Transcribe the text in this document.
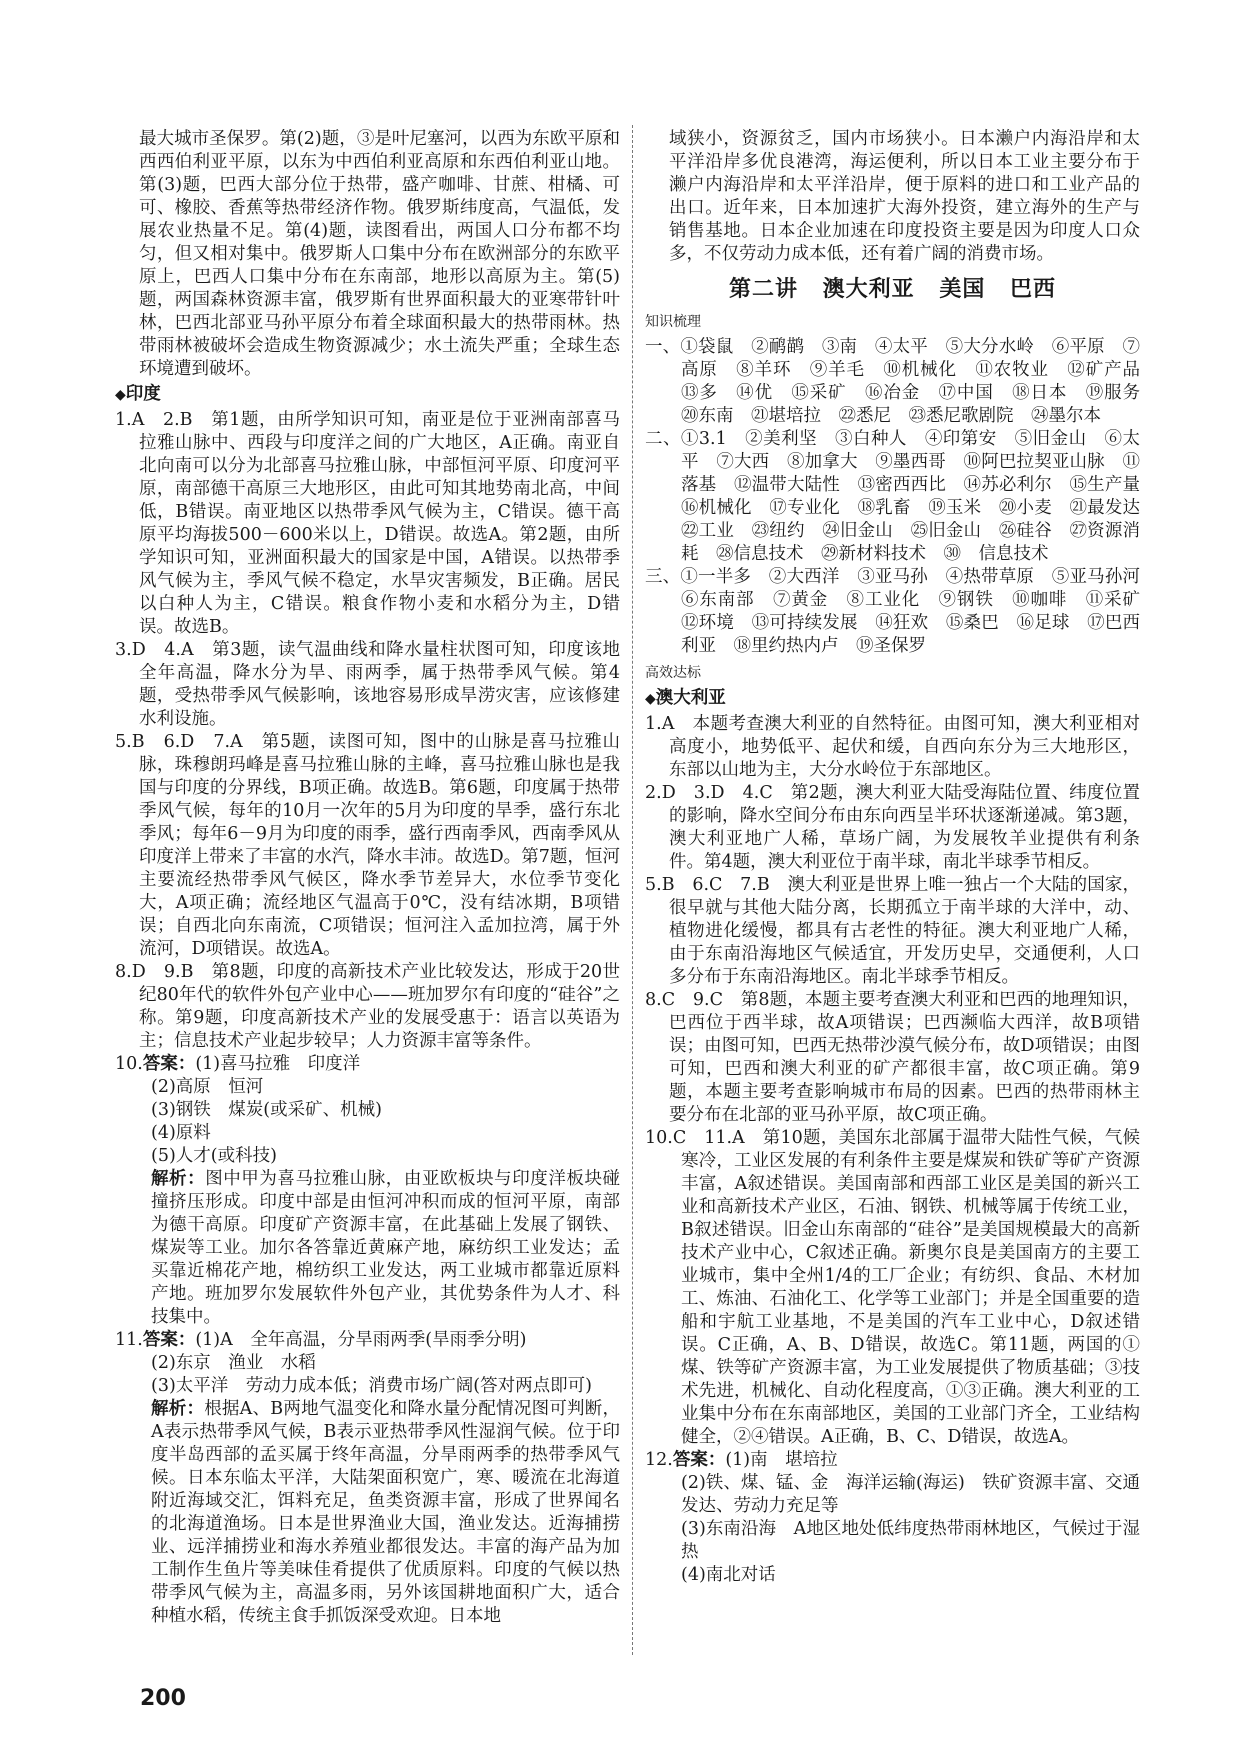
最大城市圣保罗。第(2)题，③是叶尼塞河，以西为东欧平原和西西伯利亚平原，以东为中西伯利亚高原和东西伯利亚山地。第(3)题，巴西大部分位于热带，盛产咖啡、甘蔗、柑橘、可可、橡胶、香蕉等热带经济作物。俄罗斯纬度高，气温低，发展农业热量不足。第(4)题，读图看出，两国人口分布都不均匀，但又相对集中。俄罗斯人口集中分布在欧洲部分的东欧平原上，巴西人口集中分布在东南部，地形以高原为主。第(5)题，两国森林资源丰富，俄罗斯有世界面积最大的亚寒带针叶林，巴西北部亚马孙平原分布着全球面积最大的热带雨林。热带雨林被破坏会造成生物资源减少；水土流失严重；全球生态环境遭到破坏。

◆印度

1.A　2.B　第1题，由所学知识可知，南亚是位于亚洲南部喜马拉雅山脉中、西段与印度洋之间的广大地区，A正确。南亚自北向南可以分为北部喜马拉雅山脉，中部恒河平原、印度河平原，南部德干高原三大地形区，由此可知其地势南北高，中间低，B错误。南亚地区以热带季风气候为主，C错误。德干高原平均海拔500－600米以上，D错误。故选A。第2题，由所学知识可知，亚洲面积最大的国家是中国，A错误。以热带季风气候为主，季风气候不稳定，水旱灾害频发，B正确。居民以白种人为主，C错误。粮食作物小麦和水稻分为主，D错误。故选B。

3.D　4.A　第3题，读气温曲线和降水量柱状图可知，印度该地全年高温，降水分为旱、雨两季，属于热带季风气候。第4题，受热带季风气候影响，该地容易形成旱涝灾害，应该修建水利设施。

5.B　6.D　7.A　第5题，读图可知，图中的山脉是喜马拉雅山脉，珠穆朗玛峰是喜马拉雅山脉的主峰，喜马拉雅山脉也是我国与印度的分界线，B项正确。故选B。第6题，印度属于热带季风气候，每年的10月一次年的5月为印度的旱季，盛行东北季风；每年6－9月为印度的雨季，盛行西南季风，西南季风从印度洋上带来了丰富的水汽，降水丰沛。故选D。第7题，恒河主要流经热带季风气候区，降水季节差异大，水位季节变化大，A项正确；流经地区气温高于0℃，没有结冰期，B项错误；自西北向东南流，C项错误；恒河注入孟加拉湾，属于外流河，D项错误。故选A。

8.D　9.B　第8题，印度的高新技术产业比较发达，形成于20世纪80年代的软件外包产业中心——班加罗尔有印度的“硅谷”之称。第9题，印度高新技术产业的发展受惠于：语言以英语为主；信息技术产业起步较早；人力资源丰富等条件。

10.答案：(1)喜马拉雅　印度洋

(2)高原　恒河

(3)钢铁　煤炭(或采矿、机械)

(4)原料

(5)人才(或科技)

解析：图中甲为喜马拉雅山脉，由亚欧板块与印度洋板块碰撞挤压形成。印度中部是由恒河冲积而成的恒河平原，南部为德干高原。印度矿产资源丰富，在此基础上发展了钢铁、煤炭等工业。加尔各答靠近黄麻产地，麻纺织工业发达；孟买靠近棉花产地，棉纺织工业发达，两工业城市都靠近原料产地。班加罗尔发展软件外包产业，其优势条件为人才、科技集中。

11.答案：(1)A　全年高温，分旱雨两季(旱雨季分明)

(2)东京　渔业　水稻

(3)太平洋　劳动力成本低；消费市场广阔(答对两点即可)

解析：根据A、B两地气温变化和降水量分配情况图可判断，A表示热带季风气候，B表示亚热带季风性湿润气候。位于印度半岛西部的孟买属于终年高温，分旱雨两季的热带季风气候。日本东临太平洋，大陆架面积宽广，寒、暖流在北海道附近海域交汇，饵料充足，鱼类资源丰富，形成了世界闻名的北海道渔场。日本是世界渔业大国，渔业发达。近海捕捞业、远洋捕捞业和海水养殖业都很发达。丰富的海产品为加工制作生鱼片等美味佳肴提供了优质原料。印度的气候以热带季风气候为主，高温多雨，另外该国耕地面积广大，适合种植水稻，传统主食手抓饭深受欢迎。日本地

域狭小，资源贫乏，国内市场狭小。日本濑户内海沿岸和太平洋沿岸多优良港湾，海运便利，所以日本工业主要分布于濑户内海沿岸和太平洋沿岸，便于原料的进口和工业产品的出口。近年来，日本加速扩大海外投资，建立海外的生产与销售基地。日本企业加速在印度投资主要是因为印度人口众多，不仅劳动力成本低，还有着广阔的消费市场。

第二讲 澳大利亚 美国 巴西
知识梳理

一、①袋鼠　②鸸鹋　③南　④太平　⑤大分水岭　⑥平原　⑦高原　⑧羊环　⑨羊毛　⑩机械化　⑪农牧业　⑫矿产品　⑬多　⑭优　⑮采矿　⑯冶金　⑰中国　⑱日本　⑲服务　⑳东南　㉑堪培拉　㉒悉尼　㉓悉尼歌剧院　㉔墨尔本

二、①3.1　②美利坚　③白种人　④印第安　⑤旧金山　⑥太平　⑦大西　⑧加拿大　⑨墨西哥　⑩阿巴拉契亚山脉　⑪落基　⑫温带大陆性　⑬密西西比　⑭苏必利尔　⑮生产量　⑯机械化　⑰专业化　⑱乳畜　⑲玉米　⑳小麦　㉑最发达　㉒工业　㉓纽约　㉔旧金山　㉕旧金山　㉖硅谷　㉗资源消耗　㉘信息技术　㉙新材料技术　㉚　信息技术

三、①一半多　②大西洋　③亚马孙　④热带草原　⑤亚马孙河　⑥东南部　⑦黄金　⑧工业化　⑨钢铁　⑩咖啡　⑪采矿　⑫环境　⑬可持续发展　⑭狂欢　⑮桑巴　⑯足球　⑰巴西利亚　⑱里约热内卢　⑲圣保罗

高效达标
◆澳大利亚

1.A　本题考查澳大利亚的自然特征。由图可知，澳大利亚相对高度小，地势低平、起伏和缓，自西向东分为三大地形区，东部以山地为主，大分水岭位于东部地区。

2.D　3.D　4.C　第2题，澳大利亚大陆受海陆位置、纬度位置的影响，降水空间分布由东向西呈半环状逐渐递减。第3题，澳大利亚地广人稀，草场广阔，为发展牧羊业提供有利条件。第4题，澳大利亚位于南半球，南北半球季节相反。

5.B　6.C　7.B　澳大利亚是世界上唯一独占一个大陆的国家，很早就与其他大陆分离，长期孤立于南半球的大洋中，动、植物进化缓慢，都具有古老性的特征。澳大利亚地广人稀，由于东南沿海地区气候适宜，开发历史早，交通便利，人口多分布于东南沿海地区。南北半球季节相反。

8.C　9.C　第8题，本题主要考查澳大利亚和巴西的地理知识，巴西位于西半球，故A项错误；巴西濒临大西洋，故B项错误；由图可知，巴西无热带沙漠气候分布，故D项错误；由图可知，巴西和澳大利亚的矿产都很丰富，故C项正确。第9题，本题主要考查影响城市布局的因素。巴西的热带雨林主要分布在北部的亚马孙平原，故C项正确。

10.C　11.A　第10题，美国东北部属于温带大陆性气候，气候寒冷，工业区发展的有利条件主要是煤炭和铁矿等矿产资源丰富，A叙述错误。美国南部和西部工业区是美国的新兴工业和高新技术产业区，石油、钢铁、机械等属于传统工业，B叙述错误。旧金山东南部的“硅谷”是美国规模最大的高新技术产业中心，C叙述正确。新奥尔良是美国南方的主要工业城市，集中全州1/4的工厂企业；有纺织、食品、木材加工、炼油、石油化工、化学等工业部门；并是全国重要的造船和宇航工业基地，不是美国的汽车工业中心，D叙述错误。C正确，A、B、D错误，故选C。第11题，两国的①煤、铁等矿产资源丰富，为工业发展提供了物质基础；③技术先进，机械化、自动化程度高，①③正确。澳大利亚的工业集中分布在东南部地区，美国的工业部门齐全，工业结构健全，②④错误。A正确，B、C、D错误，故选A。

12.答案：(1)南　堪培拉

(2)铁、煤、锰、金　海洋运输(海运)　铁矿资源丰富、交通发达、劳动力充足等

(3)东南沿海　A地区地处低纬度热带雨林地区，气候过于湿热

(4)南北对话

200
